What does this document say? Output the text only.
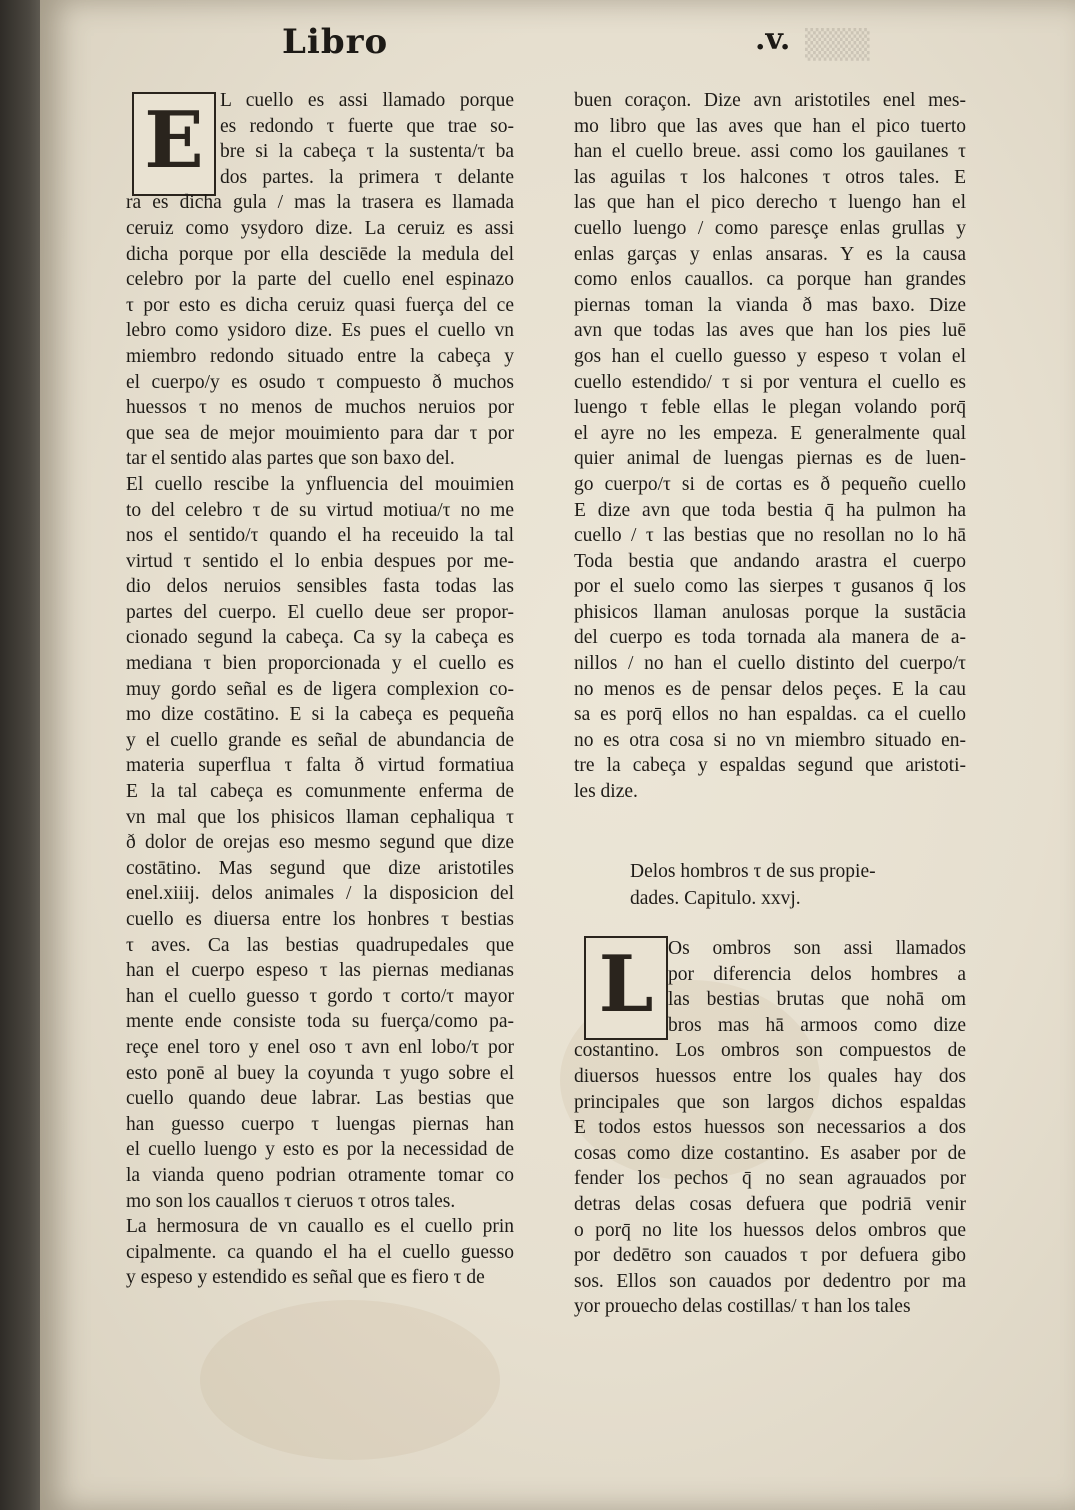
Libro	.v. ▒▒▒
E L cuello es assi llamado porque
es redondo τ fuerte que trae so-
bre si la cabeça τ la sustenta/τ ba
dos partes. la primera τ delante
ra es dicha gula / mas la trasera es llamada
ceruiz como ysydoro dize. La ceruiz es assi
dicha porque por ella desciēde la medula del
celebro por la parte del cuello enel espinazo
τ por esto es dicha ceruiz quasi fuerça del ce
lebro como ysidoro dize. Es pues el cuello vn
miembro redondo situado entre la cabeça y
el cuerpo/y es osudo τ compuesto ð muchos
huessos τ no menos de muchos neruios por
que sea de mejor mouimiento para dar τ por
tar el sentido alas partes que son baxo del.
El cuello rescibe la ynfluencia del mouimien
to del celebro τ de su virtud motiua/τ no me
nos el sentido/τ quando el ha receuido la tal
virtud τ sentido el lo enbia despues por me-
dio delos neruios sensibles fasta todas las
partes del cuerpo. El cuello deue ser propor-
cionado segund la cabeça. Ca sy la cabeça es
mediana τ bien proporcionada y el cuello es
muy gordo señal es de ligera complexion co-
mo dize costātino. E si la cabeça es pequeña
y el cuello grande es señal de abundancia de
materia superflua τ falta ð virtud formatiua
E la tal cabeça es comunmente enferma de
vn mal que los phisicos llaman cephaliqua τ
ð dolor de orejas eso mesmo segund que dize
costātino. Mas segund que dize aristotiles
enel.xiiij. delos animales / la disposicion del
cuello es diuersa entre los honbres τ bestias
τ aves. Ca las bestias quadrupedales que
han el cuerpo espeso τ las piernas medianas
han el cuello guesso τ gordo τ corto/τ mayor
mente ende consiste toda su fuerça/como pa-
reçe enel toro y enel oso τ avn enl lobo/τ por
esto ponē al buey la coyunda τ yugo sobre el
cuello quando deue labrar. Las bestias que
han guesso cuerpo τ luengas piernas han
el cuello luengo y esto es por la necessidad de
la vianda queno podrian otramente tomar co
mo son los cauallos τ cieruos τ otros tales.
La hermosura de vn cauallo es el cuello prin
cipalmente. ca quando el ha el cuello guesso
y espeso y estendido es señal que es fiero τ de
buen coraçon. Dize avn aristotiles enel mes-
mo libro que las aves que han el pico tuerto
han el cuello breue. assi como los gauilanes τ
las aguilas τ los halcones τ otros tales. E
las que han el pico derecho τ luengo han el
cuello luengo / como paresçe enlas grullas y
enlas garças y enlas ansaras. Y es la causa
como enlos cauallos. ca porque han grandes
piernas toman la vianda ð mas baxo. Dize
avn que todas las aves que han los pies luē
gos han el cuello guesso y espeso τ volan el
cuello estendido/ τ si por ventura el cuello es
luengo τ feble ellas le plegan volando porq̄
el ayre no les empeza. E generalmente qual
quier animal de luengas piernas es de luen-
go cuerpo/τ si de cortas es ð pequeño cuello
E dize avn que toda bestia q̄ ha pulmon ha
cuello / τ las bestias que no resollan no lo hā
Toda bestia que andando arastra el cuerpo
por el suelo como las sierpes τ gusanos q̄ los
phisicos llaman anulosas porque la sustācia
del cuerpo es toda tornada ala manera de a-
nillos / no han el cuello distinto del cuerpo/τ
no menos es de pensar delos peçes. E la cau
sa es porq̄ ellos no han espaldas. ca el cuello
no es otra cosa si no vn miembro situado en-
tre la cabeça y espaldas segund que aristoti-
les dize.
Delos hombros τ de sus propie-
dades. Capitulo. xxvj.
L Os ombros son assi llamados
por diferencia delos hombres a
las bestias brutas que nohā om
bros mas hā armoos como dize
costantino. Los ombros son compuestos de
diuersos huessos entre los quales hay dos
principales que son largos dichos espaldas
E todos estos huessos son necessarios a dos
cosas como dize costantino. Es asaber por de
fender los pechos q̄ no sean agrauados por
detras delas cosas defuera que podriā venir
o porq̄ no lite los huessos delos ombros que
por dedētro son cauados τ por defuera gibo
sos. Ellos son cauados por dedentro por ma
yor prouecho delas costillas/ τ han los tales
